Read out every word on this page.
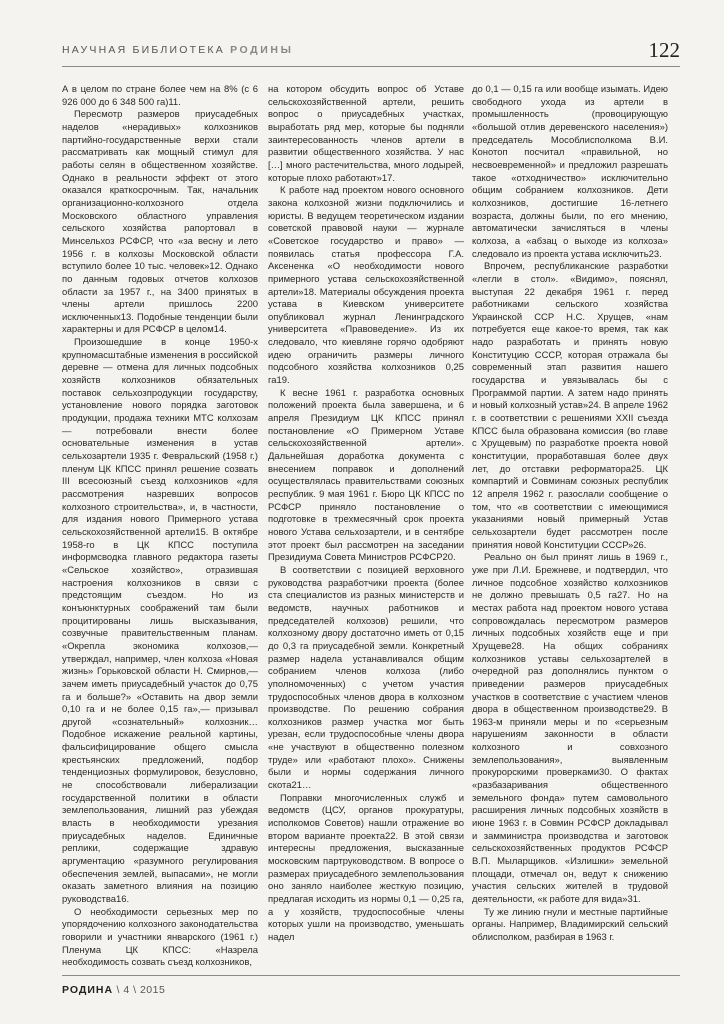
НАУЧНАЯ БИБЛИОТЕКА РОДИНЫ	122

А в целом по стране более чем на 8% (с 6 926 000 до 6 348 500 га)11.

Пересмотр размеров приусадебных наделов «нерадивых» колхозников партийно-государственные верхи стали рассматривать как мощный стимул для работы селян в общественном хозяйстве. Однако в реальности эффект от этого оказался краткосрочным. Так, начальник организационно-колхозного отдела Московского областного управления сельского хозяйства рапортовал в Минсельхоз РСФСР, что «за весну и лето 1956 г. в колхозы Московской области вступило более 10 тыс. человек»12. Однако по данным годовых отчетов колхозов области за 1957 г., на 3400 принятых в члены артели пришлось 2200 исключенных13. Подобные тенденции были характерны и для РСФСР в целом14.

Произошедшие в конце 1950-х крупномасштабные изменения в российской деревне — отмена для личных подсобных хозяйств колхозников обязательных поставок сельхозпродукции государству, установление нового порядка заготовок продукции, продажа техники МТС колхозам — потребовали внести более основательные изменения в устав сельхозартели 1935 г. Февральский (1958 г.) пленум ЦК КПСС принял решение созвать III всесоюзный съезд колхозников «для рассмотрения назревших вопросов колхозного строительства», и, в частности, для издания нового Примерного устава сельскохозяйственной артели15. В октябре 1958-го в ЦК КПСС поступила информсводка главного редактора газеты «Сельское хозяйство», отразившая настроения колхозников в связи с предстоящим съездом. Но из конъюнктурных соображений там были процитированы лишь высказывания, созвучные правительственным планам. «Окрепла экономика колхозов,— утверждал, например, член колхоза «Новая жизнь» Горьковской области Н. Смирнов,— зачем иметь приусадебный участок до 0,75 га и больше?» «Оставить на двор земли 0,10 га и не более 0,15 га»,— призывал другой «сознательный» колхозник… Подобное искажение реальной картины, фальсифицирование общего смысла крестьянских предложений, подбор тенденциозных формулировок, безусловно, не способствовали либерализации государственной политики в области землепользования, лишний раз убеждая власть в необходимости урезания приусадебных наделов. Единичные реплики, содержащие здравую аргументацию «разумного регулирования обеспечения землей, выпасами», не могли оказать заметного влияния на позицию руководства16.

О необходимости серьезных мер по упорядочению колхозного законодательства говорили и участники январского (1961 г.) Пленума ЦК КПСС: «Назрела необходимость созвать съезд колхозников,

на котором обсудить вопрос об Уставе сельскохозяйственной артели, решить вопрос о приусадебных участках, выработать ряд мер, которые бы подняли заинтересованность членов артели в развитии общественного хозяйства. У нас […] много растечительства, много лодырей, которые плохо работают»17.

К работе над проектом нового основного закона колхозной жизни подключились и юристы. В ведущем теоретическом издании советской правовой науки — журнале «Советское государство и право» — появилась статья профессора Г.А. Аксененка «О необходимости нового примерного устава сельскохозяйственной артели»18. Материалы обсуждения проекта устава в Киевском университете опубликовал журнал Ленинградского университета «Правоведение». Из их следовало, что киевляне горячо одобряют идею ограничить размеры личного подсобного хозяйства колхозников 0,25 га19.

К весне 1961 г. разработка основных положений проекта была завершена, и 6 апреля Президиум ЦК КПСС принял постановление «О Примерном Уставе сельскохозяйственной артели». Дальнейшая доработка документа с внесением поправок и дополнений осуществлялась правительствами союзных республик. 9 мая 1961 г. Бюро ЦК КПСС по РСФСР приняло постановление о подготовке в трехмесячный срок проекта нового Устава сельхозартели, и в сентябре этот проект был рассмотрен на заседании Президиума Совета Министров РСФСР20.

В соответствии с позицией верховного руководства разработчики проекта (более ста специалистов из разных министерств и ведомств, научных работников и председателей колхозов) решили, что колхозному двору достаточно иметь от 0,15 до 0,3 га приусадебной земли. Конкретный размер надела устанавливался общим собранием членов колхоза (либо уполномоченных) с учетом участия трудоспособных членов двора в колхозном производстве. По решению собрания колхозников размер участка мог быть урезан, если трудоспособные члены двора «не участвуют в общественно полезном труде» или «работают плохо». Снижены были и нормы содержания личного скота21…

Поправки многочисленных служб и ведомств (ЦСУ, органов прокуратуры, исполкомов Советов) нашли отражение во втором варианте проекта22. В этой связи интересны предложения, высказанные московским партруководством. В вопросе о размерах приусадебного землепользования оно заняло наиболее жесткую позицию, предлагая исходить из нормы 0,1 — 0,25 га, а у хозяйств, трудоспособные члены которых ушли на производство, уменьшать надел

до 0,1 — 0,15 га или вообще изымать. Идею свободного ухода из артели в промышленность (провоцирующую «большой отлив деревенского населения») председатель Мособлисполкома В.И. Конотоп посчитал «правильной, но несвоевременной» и предложил разрешать такое «отходничество» исключительно общим собранием колхозников. Дети колхозников, достигшие 16-летнего возраста, должны были, по его мнению, автоматически зачисляться в члены колхоза, а «абзац о выходе из колхоза» следовало из проекта устава исключить23.

Впрочем, республиканские разработки «легли в стол». «Видимо», пояснял, выступая 22 декабря 1961 г. перед работниками сельского хозяйства Украинской ССР Н.С. Хрущев, «нам потребуется еще какое-то время, так как надо разработать и принять новую Конституцию СССР, которая отражала бы современный этап развития нашего государства и увязывалась бы с Программой партии. А затем надо принять и новый колхозный устав»24. В апреле 1962 г. в соответствии с решениями XXII съезда КПСС была образована комиссия (во главе с Хрущевым) по разработке проекта новой конституции, проработавшая более двух лет, до отставки реформатора25. ЦК компартий и Совминам союзных республик 12 апреля 1962 г. разослали сообщение о том, что «в соответствии с имеющимися указаниями новый примерный Устав сельхозартели будет рассмотрен после принятия новой Конституции СССР»26.

Реально он был принят лишь в 1969 г., уже при Л.И. Брежневе, и подтвердил, что личное подсобное хозяйство колхозников не должно превышать 0,5 га27. Но на местах работа над проектом нового устава сопровождалась пересмотром размеров личных подсобных хозяйств еще и при Хрущеве28. На общих собраниях колхозников уставы сельхозартелей в очередной раз дополнялись пунктом о приведении размеров приусадебных участков в соответствие с участием членов двора в общественном производстве29. В 1963-м приняли меры и по «серьезным нарушениям законности в области колхозного и совхозного землепользования», выявленным прокурорскими проверками30. О фактах «разбазаривания общественного земельного фонда» путем самовольного расширения личных подсобных хозяйств в июне 1963 г. в Совмин РСФСР докладывал и замминистра производства и заготовок сельскохозяйственных продуктов РСФСР В.П. Мыларщиков. «Излишки» земельной площади, отмечал он, ведут к снижению участия сельских жителей в трудовой деятельности, «к работе для вида»31.

Ту же линию гнули и местные партийные органы. Например, Владимирский сельский облисполком, разбирая в 1963 г.

РОДИНА \ 4 \ 2015
